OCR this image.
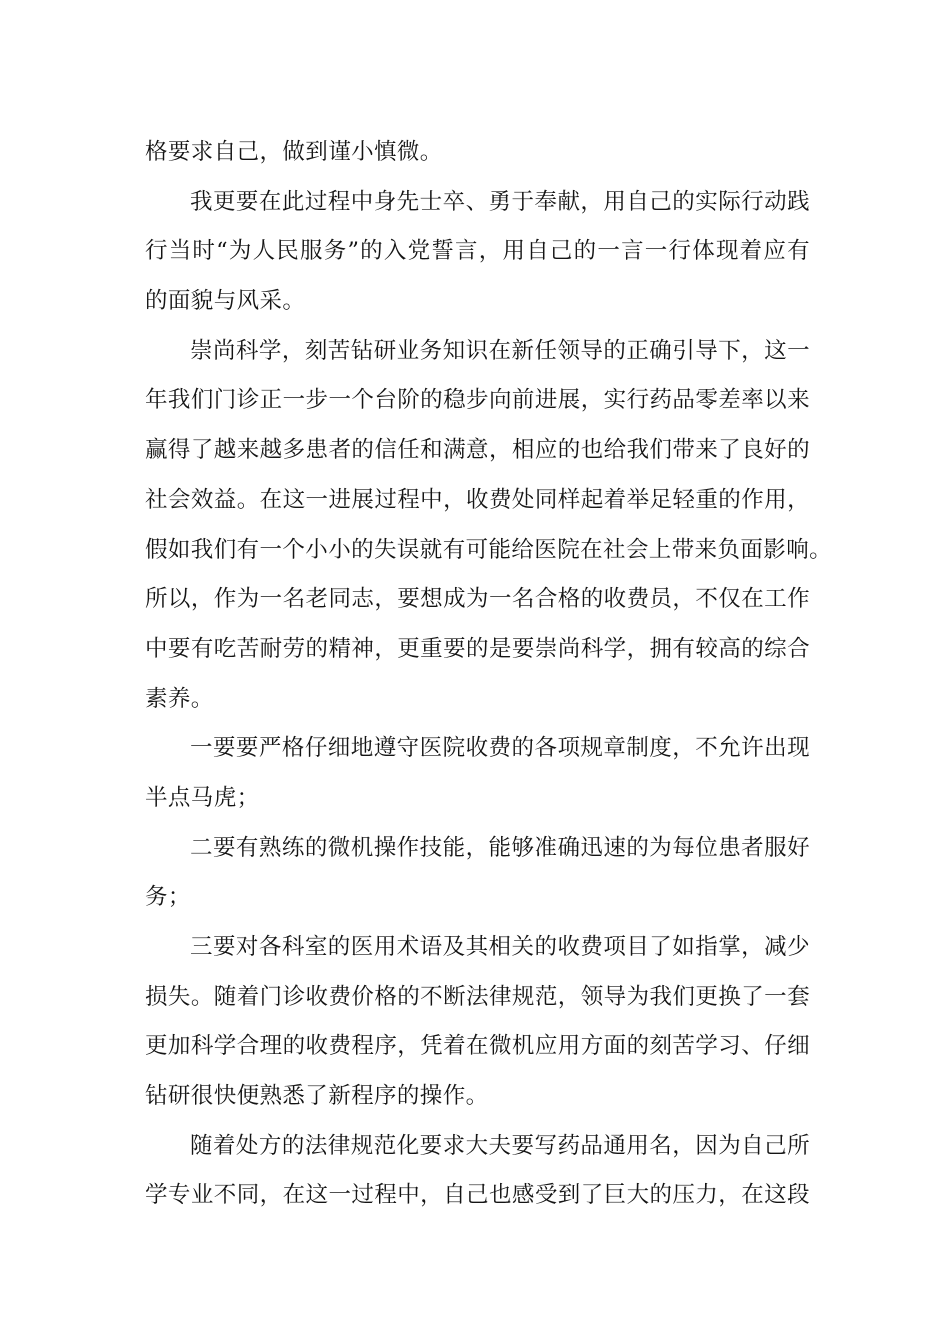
格要求自己，做到谨小慎微。
我更要在此过程中身先士卒、勇于奉献，用自己的实际行动践
行当时“为人民服务”的入党誓言，用自己的一言一行体现着应有
的面貌与风采。
崇尚科学，刻苦钻研业务知识在新任领导的正确引导下，这一
年我们门诊正一步一个台阶的稳步向前进展，实行药品零差率以来
赢得了越来越多患者的信任和满意，相应的也给我们带来了良好的
社会效益。在这一进展过程中，收费处同样起着举足轻重的作用，
假如我们有一个小小的失误就有可能给医院在社会上带来负面影响。
所以，作为一名老同志，要想成为一名合格的收费员，不仅在工作
中要有吃苦耐劳的精神，更重要的是要崇尚科学，拥有较高的综合
素养。
一要要严格仔细地遵守医院收费的各项规章制度，不允许出现
半点马虎；
二要有熟练的微机操作技能，能够准确迅速的为每位患者服好
务；
三要对各科室的医用术语及其相关的收费项目了如指掌，减少
损失。随着门诊收费价格的不断法律规范，领导为我们更换了一套
更加科学合理的收费程序，凭着在微机应用方面的刻苦学习、仔细
钻研很快便熟悉了新程序的操作。
随着处方的法律规范化要求大夫要写药品通用名，因为自己所
学专业不同，在这一过程中，自己也感受到了巨大的压力，在这段
